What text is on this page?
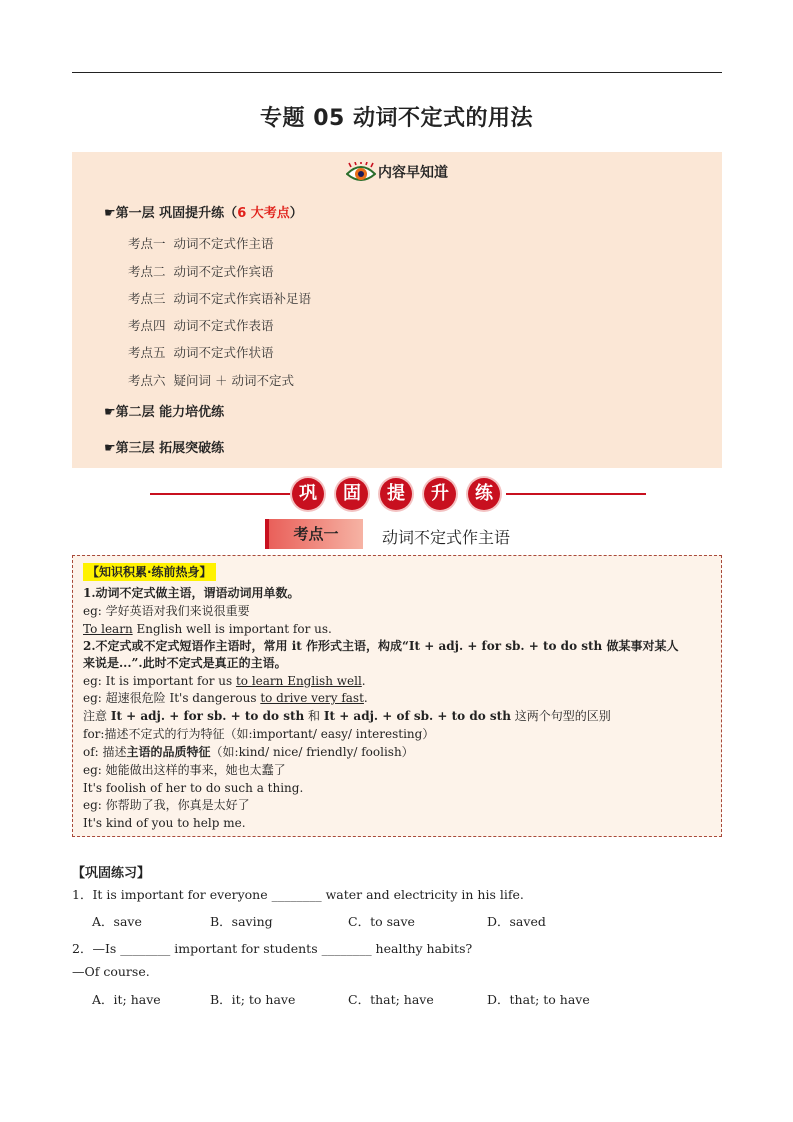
专题 05 动词不定式的用法
内容早知道
☛第一层 巩固提升练（6 大考点）
考点一 动词不定式作主语
考点二 动词不定式作宾语
考点三 动词不定式作宾语补足语
考点四 动词不定式作表语
考点五 动词不定式作状语
考点六 疑问词 ＋ 动词不定式
☛第二层 能力培优练
☛第三层 拓展突破练
巩	固	提	升	练
考点一	动词不定式作主语
【知识积累·练前热身】
1.动词不定式做主语，谓语动词用单数。
eg: 学好英语对我们来说很重要
To learn English well is important for us.
2.不定式或不定式短语作主语时，常用 it 作形式主语，构成“It + adj. + for sb. + to do sth 做某事对某人
来说是...”.此时不定式是真正的主语。
eg: It is important for us to learn English well.
eg: 超速很危险 It's dangerous to drive very fast.
注意 It + adj. + for sb. + to do sth 和 It + adj. + of sb. + to do sth 这两个句型的区别
for:描述不定式的行为特征（如:important/ easy/ interesting）
of: 描述主语的品质特征（如:kind/ nice/ friendly/ foolish）
eg: 她能做出这样的事来，她也太蠢了
It's foolish of her to do such a thing.
eg: 你帮助了我，你真是太好了
It's kind of you to help me.
【巩固练习】
1．It is important for everyone ________ water and electricity in his life.
A．save	B．saving	C．to save	D．saved
2．—Is ________ important for students ________ healthy habits?
—Of course.
A．it; have	B．it; to have	C．that; have	D．that; to have
